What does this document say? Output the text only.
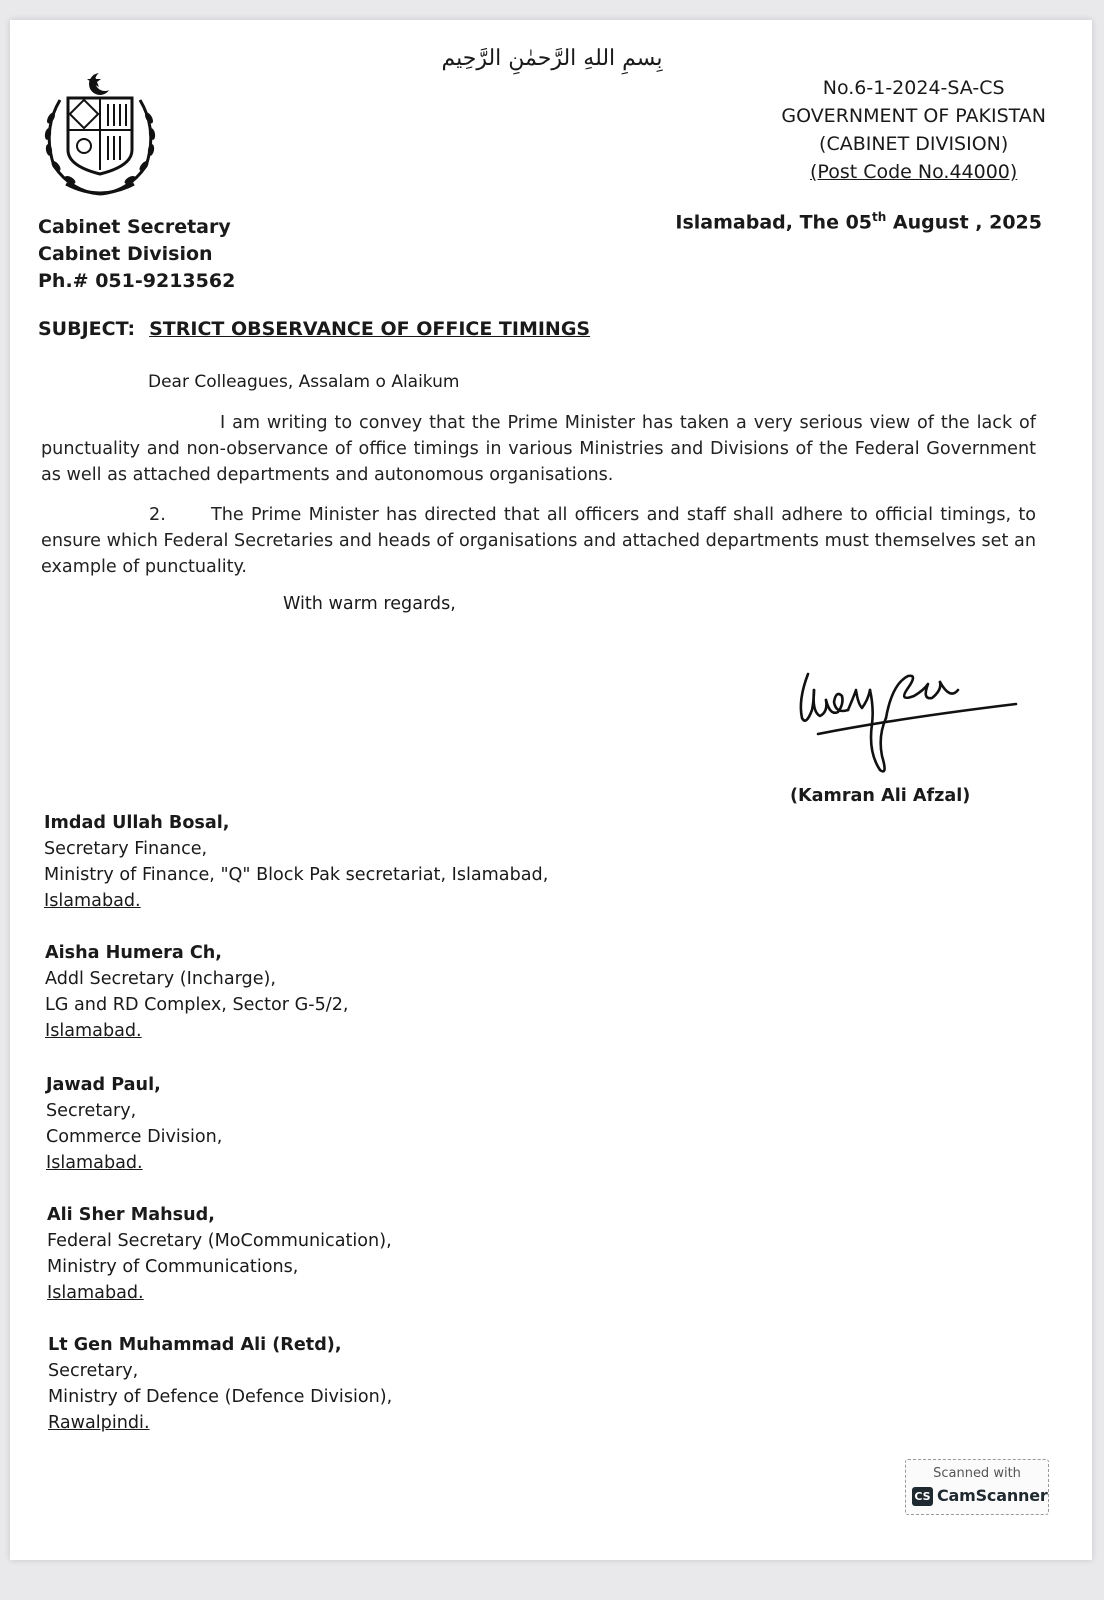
بِسمِ اللهِ الرَّحمٰنِ الرَّحِيم
Cabinet Secretary
Cabinet Division
Ph.# 051-9213562
No.6-1-2024-SA-CS
GOVERNMENT OF PAKISTAN
(CABINET DIVISION)
(Post Code No.44000)
Islamabad, The 05th August , 2025
SUBJECT: STRICT OBSERVANCE OF OFFICE TIMINGS
Dear Colleagues, Assalam o Alaikum
I am writing to convey that the Prime Minister has taken a very serious view of the lack of punctuality and non-observance of office timings in various Ministries and Divisions of the Federal Government as well as attached departments and autonomous organisations.
2.	The Prime Minister has directed that all officers and staff shall adhere to official timings, to ensure which Federal Secretaries and heads of organisations and attached departments must themselves set an example of punctuality.
With warm regards,
(Kamran Ali Afzal)
Imdad Ullah Bosal,
Secretary Finance,
Ministry of Finance, "Q" Block Pak secretariat, Islamabad,
Islamabad.
Aisha Humera Ch,
Addl Secretary (Incharge),
LG and RD Complex, Sector G-5/2,
Islamabad.
Jawad Paul,
Secretary,
Commerce Division,
Islamabad.
Ali Sher Mahsud,
Federal Secretary (MoCommunication),
Ministry of Communications,
Islamabad.
Lt Gen Muhammad Ali (Retd),
Secretary,
Ministry of Defence (Defence Division),
Rawalpindi.
Scanned with
CS CamScanner
